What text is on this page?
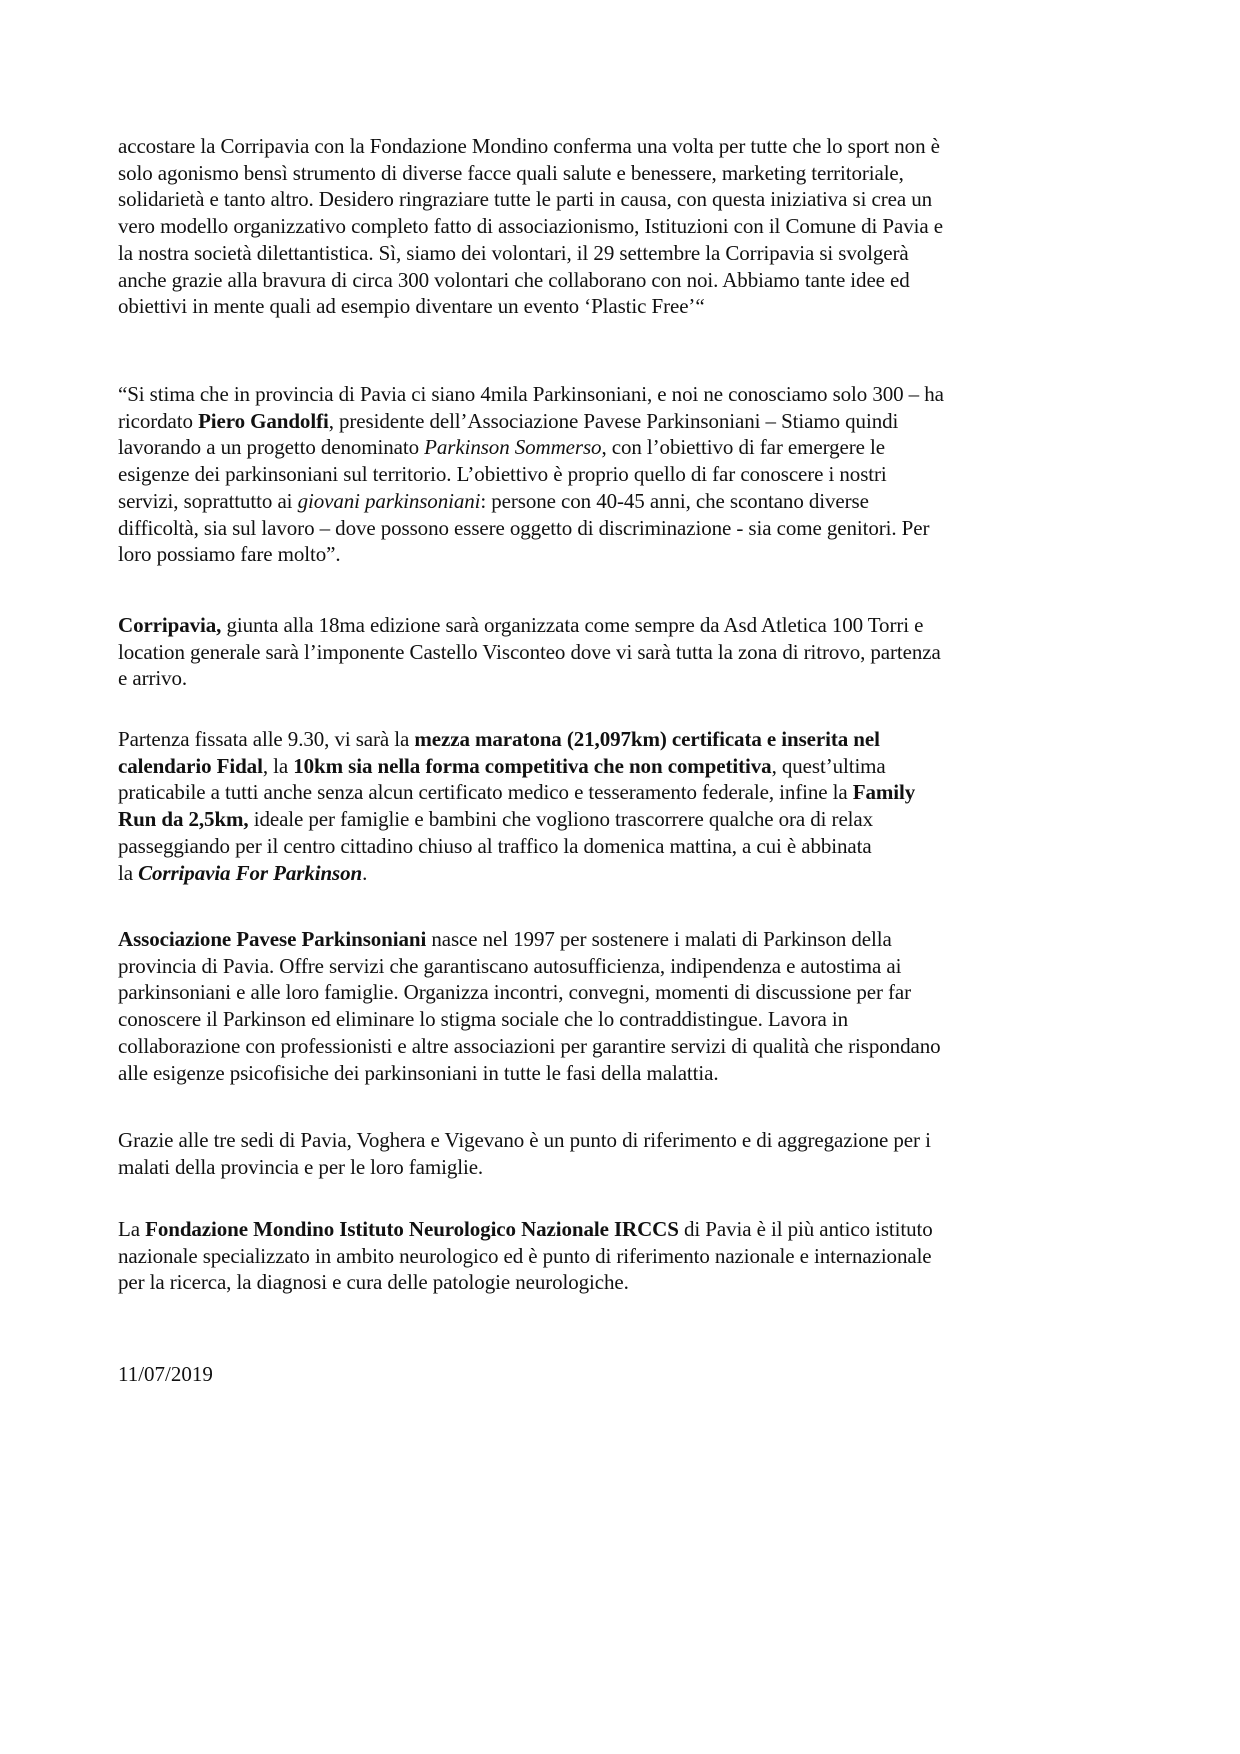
accostare la Corripavia con la Fondazione Mondino conferma una volta per tutte che lo sport non è
solo agonismo bensì strumento di diverse facce quali salute e benessere, marketing territoriale,
solidarietà e tanto altro. Desidero ringraziare tutte le parti in causa, con questa iniziativa si crea un
vero modello organizzativo completo fatto di associazionismo, Istituzioni con il Comune di Pavia e
la nostra società dilettantistica. Sì, siamo dei volontari, il 29 settembre la Corripavia si svolgerà
anche grazie alla bravura di circa 300 volontari che collaborano con noi. Abbiamo tante idee ed
obiettivi in mente quali ad esempio diventare un evento ‘Plastic Free’“
“Si stima che in provincia di Pavia ci siano 4mila Parkinsoniani, e noi ne conosciamo solo 300 – ha
ricordato Piero Gandolfi, presidente dell’Associazione Pavese Parkinsoniani – Stiamo quindi
lavorando a un progetto denominato Parkinson Sommerso, con l’obiettivo di far emergere le
esigenze dei parkinsoniani sul territorio. L’obiettivo è proprio quello di far conoscere i nostri
servizi, soprattutto ai giovani parkinsoniani: persone con 40-45 anni, che scontano diverse
difficoltà, sia sul lavoro – dove possono essere oggetto di discriminazione - sia come genitori. Per
loro possiamo fare molto”.
Corripavia, giunta alla 18ma edizione sarà organizzata come sempre da Asd Atletica 100 Torri e
location generale sarà l’imponente Castello Visconteo dove vi sarà tutta la zona di ritrovo, partenza
e arrivo.
Partenza fissata alle 9.30, vi sarà la mezza maratona (21,097km) certificata e inserita nel
calendario Fidal, la 10km sia nella forma competitiva che non competitiva, quest’ultima
praticabile a tutti anche senza alcun certificato medico e tesseramento federale, infine la Family
Run da 2,5km, ideale per famiglie e bambini che vogliono trascorrere qualche ora di relax
passeggiando per il centro cittadino chiuso al traffico la domenica mattina, a cui è abbinata
la Corripavia For Parkinson.
Associazione Pavese Parkinsoniani nasce nel 1997 per sostenere i malati di Parkinson della
provincia di Pavia. Offre servizi che garantiscano autosufficienza, indipendenza e autostima ai
parkinsoniani e alle loro famiglie. Organizza incontri, convegni, momenti di discussione per far
conoscere il Parkinson ed eliminare lo stigma sociale che lo contraddistingue. Lavora in
collaborazione con professionisti e altre associazioni per garantire servizi di qualità che rispondano
alle esigenze psicofisiche dei parkinsoniani in tutte le fasi della malattia.
Grazie alle tre sedi di Pavia, Voghera e Vigevano è un punto di riferimento e di aggregazione per i
malati della provincia e per le loro famiglie.
La Fondazione Mondino Istituto Neurologico Nazionale IRCCS di Pavia è il più antico istituto
nazionale specializzato in ambito neurologico ed è punto di riferimento nazionale e internazionale
per la ricerca, la diagnosi e cura delle patologie neurologiche.
11/07/2019
